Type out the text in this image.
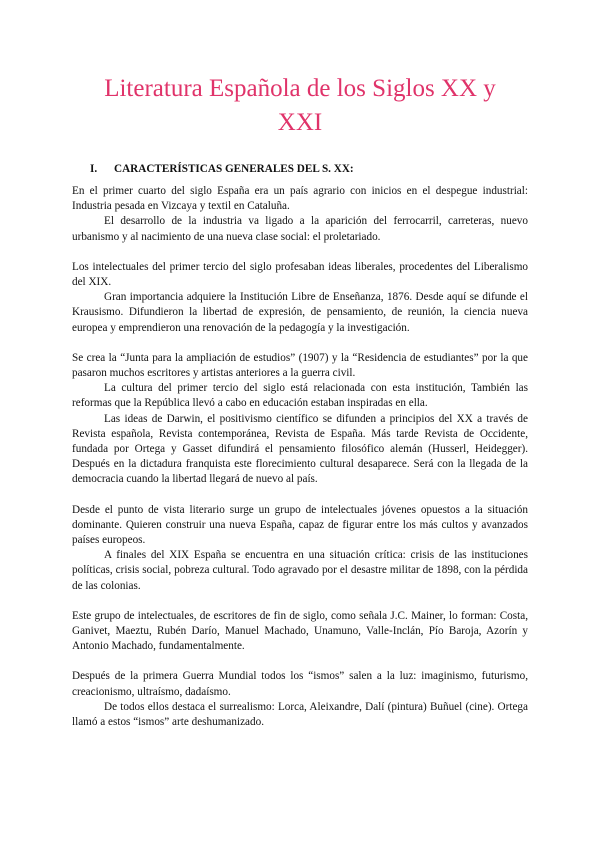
Literatura Española de los Siglos XX y XXI
I. CARACTERÍSTICAS GENERALES DEL S. XX:

En el primer cuarto del siglo España era un país agrario con inicios en el despegue industrial: Industria pesada en Vizcaya y textil en Cataluña.

El desarrollo de la industria va ligado a la aparición del ferrocarril, carreteras, nuevo urbanismo y al nacimiento de una nueva clase social: el proletariado.

Los intelectuales del primer tercio del siglo profesaban ideas liberales, procedentes del Liberalismo del XIX.

Gran importancia adquiere la Institución Libre de Enseñanza, 1876. Desde aquí se difunde el Krausismo. Difundieron la libertad de expresión, de pensamiento, de reunión, la ciencia nueva europea y emprendieron una renovación de la pedagogía y la investigación.

Se crea la “Junta para la ampliación de estudios” (1907) y la “Residencia de estudiantes” por la que pasaron muchos escritores y artistas anteriores a la guerra civil.

La cultura del primer tercio del siglo está relacionada con esta institución, También las reformas que la República llevó a cabo en educación estaban inspiradas en ella.

Las ideas de Darwin, el positivismo científico se difunden a principios del XX a través de Revista española, Revista contemporánea, Revista de España. Más tarde Revista de Occidente, fundada por Ortega y Gasset difundirá el pensamiento filosófico alemán (Husserl, Heidegger). Después en la dictadura franquista este florecimiento cultural desaparece. Será con la llegada de la democracia cuando la libertad llegará de nuevo al país.

Desde el punto de vista literario surge un grupo de intelectuales jóvenes opuestos a la situación dominante. Quieren construir una nueva España, capaz de figurar entre los más cultos y avanzados países europeos.

A finales del XIX España se encuentra en una situación crítica: crisis de las instituciones políticas, crisis social, pobreza cultural. Todo agravado por el desastre militar de 1898, con la pérdida de las colonias.

Este grupo de intelectuales, de escritores de fin de siglo, como señala J.C. Mainer, lo forman: Costa, Ganivet, Maeztu, Rubén Darío, Manuel Machado, Unamuno, Valle-Inclán, Pío Baroja, Azorín y Antonio Machado, fundamentalmente.

Después de la primera Guerra Mundial todos los “ismos” salen a la luz: imaginismo, futurismo, creacionismo, ultraísmo, dadaísmo.

De todos ellos destaca el surrealismo: Lorca, Aleixandre, Dalí (pintura) Buñuel (cine). Ortega llamó a estos “ismos” arte deshumanizado.
